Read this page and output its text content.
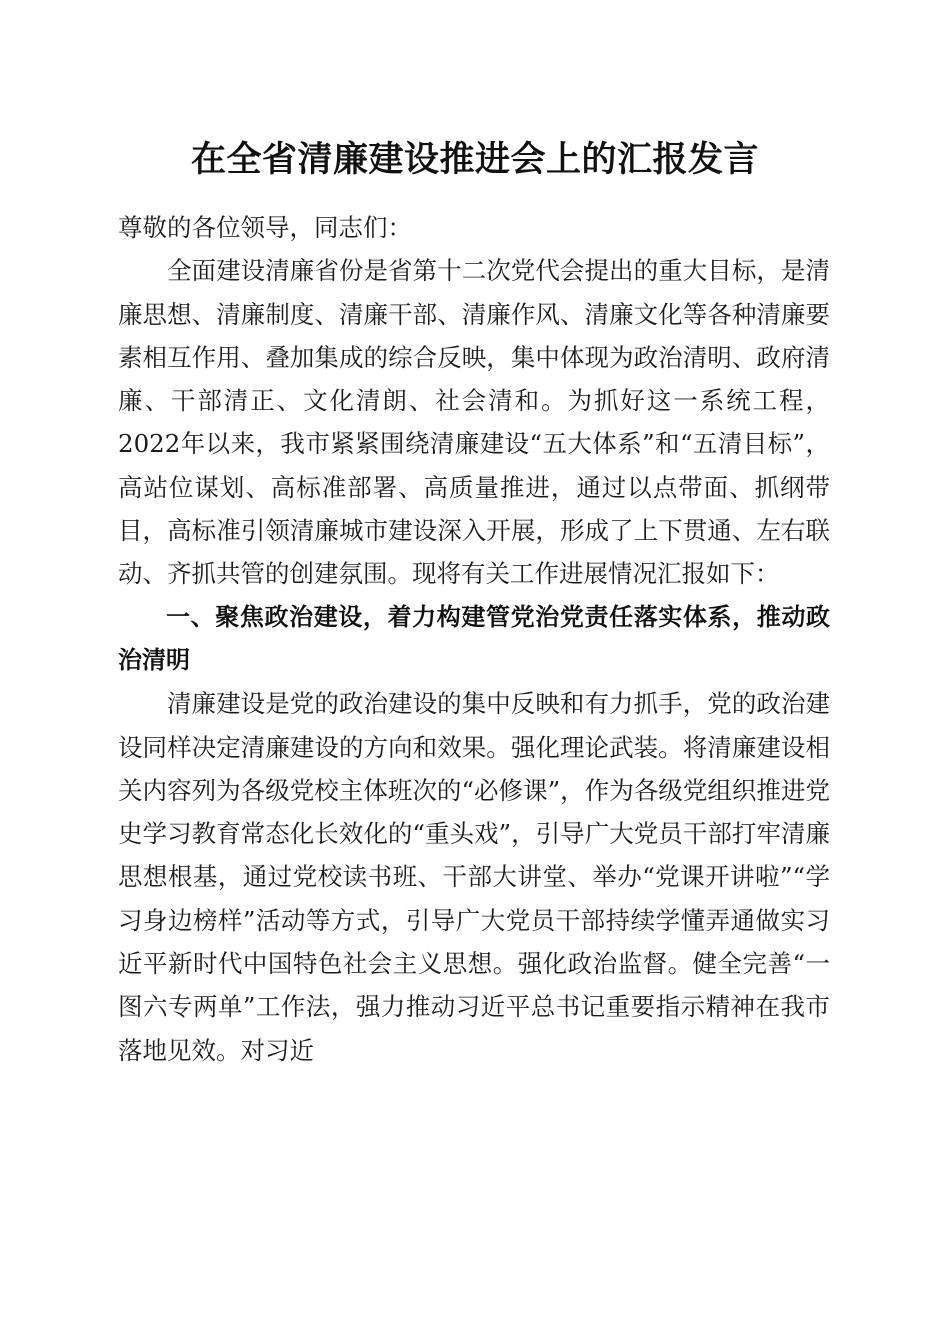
在全省清廉建设推进会上的汇报发言

尊敬的各位领导，同志们：

全面建设清廉省份是省第十二次党代会提出的重大目标，是清廉思想、清廉制度、清廉干部、清廉作风、清廉文化等各种清廉要素相互作用、叠加集成的综合反映，集中体现为政治清明、政府清廉、干部清正、文化清朗、社会清和。为抓好这一系统工程，2022年以来，我市紧紧围绕清廉建设“五大体系”和“五清目标”，高站位谋划、高标准部署、高质量推进，通过以点带面、抓纲带目，高标准引领清廉城市建设深入开展，形成了上下贯通、左右联动、齐抓共管的创建氛围。现将有关工作进展情况汇报如下：

一、聚焦政治建设，着力构建管党治党责任落实体系，推动政治清明

清廉建设是党的政治建设的集中反映和有力抓手，党的政治建设同样决定清廉建设的方向和效果。强化理论武装。将清廉建设相关内容列为各级党校主体班次的“必修课”，作为各级党组织推进党史学习教育常态化长效化的“重头戏”，引导广大党员干部打牢清廉思想根基，通过党校读书班、干部大讲堂、举办“党课开讲啦”“学习身边榜样”活动等方式，引导广大党员干部持续学懂弄通做实习近平新时代中国特色社会主义思想。强化政治监督。健全完善“一图六专两单”工作法，强力推动习近平总书记重要指示精神在我市落地见效。对习近
